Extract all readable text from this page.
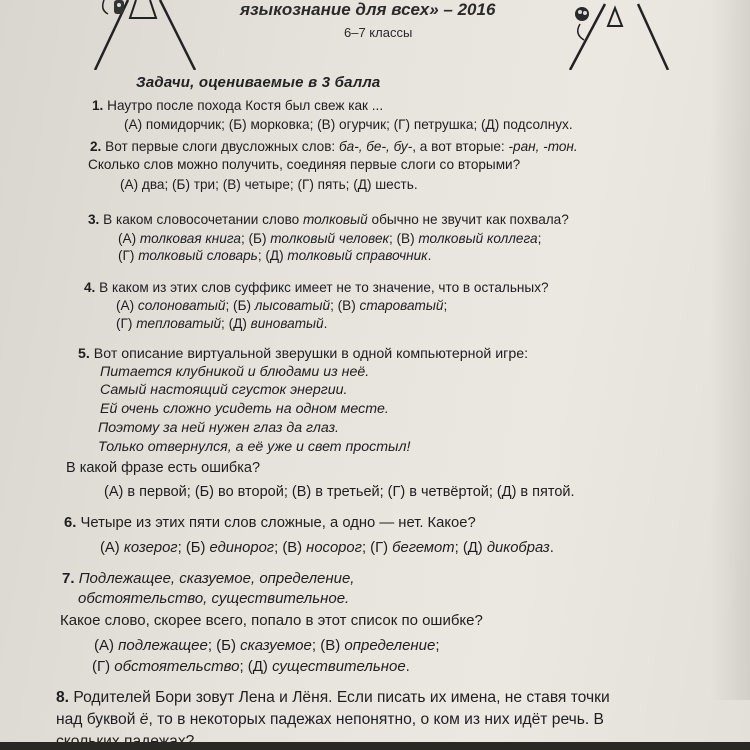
языкознание для всех» – 2016
6–7 классы
Задачи, оцениваемые в 3 балла
1. Наутро после похода Костя был свеж как ...
(А) помидорчик; (Б) морковка; (В) огурчик; (Г) петрушка; (Д) подсолнух.
2. Вот первые слоги двусложных слов: ба-, бе-, бу-, а вот вторые: -ран, -тон.
Сколько слов можно получить, соединяя первые слоги со вторыми?
(А) два; (Б) три; (В) четыре; (Г) пять; (Д) шесть.
3. В каком словосочетании слово толковый обычно не звучит как похвала?
(А) толковая книга; (Б) толковый человек; (В) толковый коллега;
(Г) толковый словарь; (Д) толковый справочник.
4. В каком из этих слов суффикс имеет не то значение, что в остальных?
(А) солоноватый; (Б) лысоватый; (В) староватый;
(Г) тепловатый; (Д) виноватый.
5. Вот описание виртуальной зверушки в одной компьютерной игре:
Питается клубникой и блюдами из неё.
Самый настоящий сгусток энергии.
Ей очень сложно усидеть на одном месте.
Поэтому за ней нужен глаз да глаз.
Только отвернулся, а её уже и свет простыл!
В какой фразе есть ошибка?
(А) в первой; (Б) во второй; (В) в третьей; (Г) в четвёртой; (Д) в пятой.
6. Четыре из этих пяти слов сложные, а одно — нет. Какое?
(А) козерог; (Б) единорог; (В) носорог; (Г) бегемот; (Д) дикобраз.
7. Подлежащее, сказуемое, определение,
обстоятельство, существительное.
Какое слово, скорее всего, попало в этот список по ошибке?
(А) подлежащее; (Б) сказуемое; (В) определение;
(Г) обстоятельство; (Д) существительное.
8. Родителей Бори зовут Лена и Лёня. Если писать их имена, не ставя точки
над буквой ё, то в некоторых падежах непонятно, о ком из них идёт речь. В
